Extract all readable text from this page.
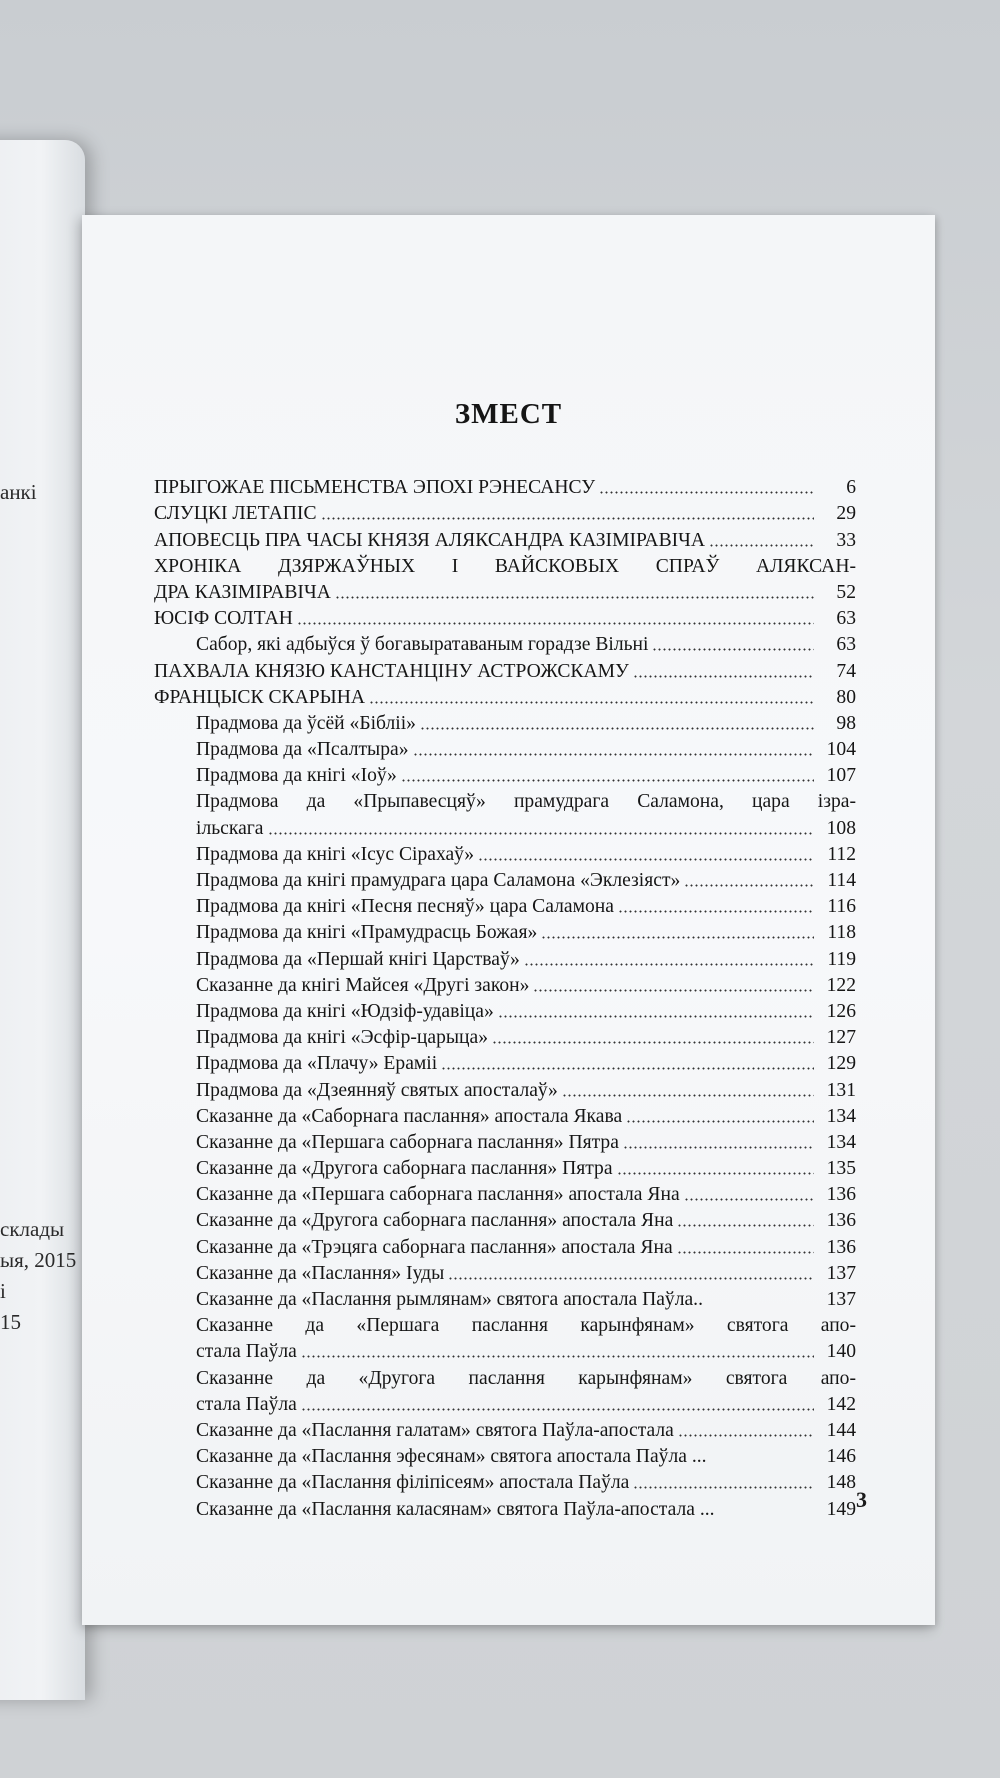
анкі
склады
ыя, 2015
і
15
ЗМЕСТ
ПРЫГОЖАЕ ПІСЬМЕНСТВА ЭПОХІ РЭНЕСАНСУ	6
СЛУЦКІ ЛЕТАПІС	29
АПОВЕСЦЬ ПРА ЧАСЫ КНЯЗЯ АЛЯКСАНДРА КАЗІМІРАВІЧА	33
ХРОНІКА ДЗЯРЖАЎНЫХ І ВАЙСКОВЫХ СПРАЎ АЛЯКСАН-
ДРА КАЗІМІРАВІЧА	52
ЮСІФ СОЛТАН	63
Сабор, які адбыўся ў богавыратаваным горадзе Вільні	63
ПАХВАЛА КНЯЗЮ КАНСТАНЦІНУ АСТРОЖСКАМУ	74
ФРАНЦЫСК СКАРЫНА	80
Прадмова да ўсёй «Бібліі»	98
Прадмова да «Псалтыра»	104
Прадмова да кнігі «Іоў»	107
Прадмова да «Прыпавесцяў» прамудрага Саламона, цара ізра-
ільскага	108
Прадмова да кнігі «Ісус Сірахаў»	112
Прадмова да кнігі прамудрага цара Саламона «Эклезіяст»	114
Прадмова да кнігі «Песня песняў» цара Саламона	116
Прадмова да кнігі «Прамудрасць Божая»	118
Прадмова да «Першай кнігі Царстваў»	119
Сказанне да кнігі Майсея «Другі закон»	122
Прадмова да кнігі «Юдзіф-удавіца»	126
Прадмова да кнігі «Эсфір-царыца»	127
Прадмова да «Плачу» Ераміі	129
Прадмова да «Дзеянняў святых апосталаў»	131
Сказанне да «Саборнага паслання» апостала Якава	134
Сказанне да «Першага саборнага паслання» Пятра	134
Сказанне да «Другога саборнага паслання» Пятра	135
Сказанне да «Першага саборнага паслання» апостала Яна	136
Сказанне да «Другога саборнага паслання» апостала Яна	136
Сказанне да «Трэцяга саборнага паслання» апостала Яна	136
Сказанне да «Паслання» Іуды	137
Сказанне да «Паслання рымлянам» святога апостала Паўла..	137
Сказанне да «Першага паслання карынфянам» святога апо-
стала Паўла	140
Сказанне да «Другога паслання карынфянам» святога апо-
стала Паўла	142
Сказанне да «Паслання галатам» святога Паўла-апостала	144
Сказанне да «Паслання эфесянам» святога апостала Паўла ...	146
Сказанне да «Паслання філіпісеям» апостала Паўла	148
Сказанне да «Паслання каласянам» святога Паўла-апостала ...	149 3
